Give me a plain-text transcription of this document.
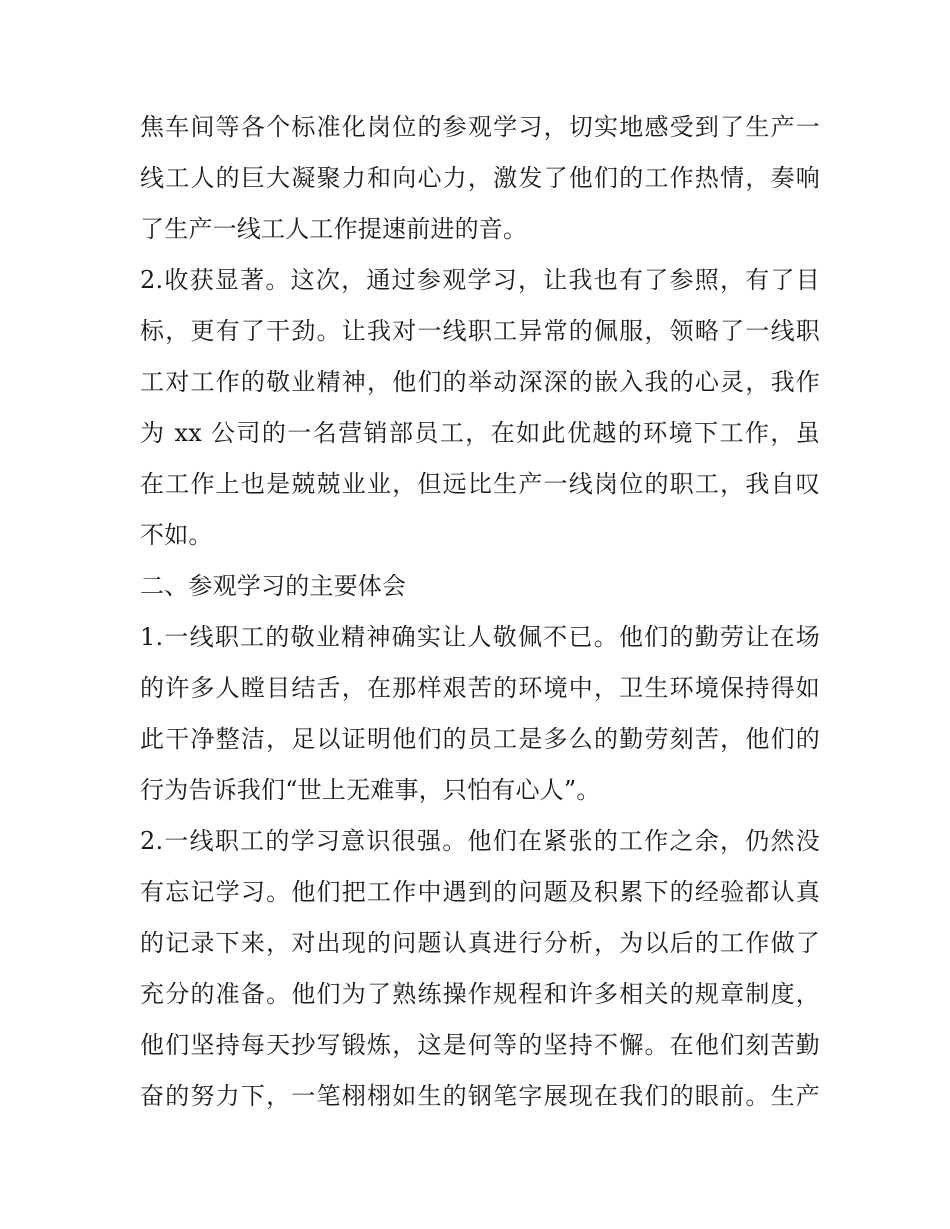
焦车间等各个标准化岗位的参观学习，切实地感受到了生产一
线工人的巨大凝聚力和向心力，激发了他们的工作热情，奏响
了生产一线工人工作提速前进的音。
2.收获显著。这次，通过参观学习，让我也有了参照，有了目
标，更有了干劲。让我对一线职工异常的佩服，领略了一线职
工对工作的敬业精神，他们的举动深深的嵌入我的心灵，我作
为 xx 公司的一名营销部员工，在如此优越的环境下工作，虽
在工作上也是兢兢业业，但远比生产一线岗位的职工，我自叹
不如。
二、参观学习的主要体会
1.一线职工的敬业精神确实让人敬佩不已。他们的勤劳让在场
的许多人瞠目结舌，在那样艰苦的环境中，卫生环境保持得如
此干净整洁，足以证明他们的员工是多么的勤劳刻苦，他们的
行为告诉我们“世上无难事，只怕有心人”。
2.一线职工的学习意识很强。他们在紧张的工作之余，仍然没
有忘记学习。他们把工作中遇到的问题及积累下的经验都认真
的记录下来，对出现的问题认真进行分析，为以后的工作做了
充分的准备。他们为了熟练操作规程和许多相关的规章制度，
他们坚持每天抄写锻炼，这是何等的坚持不懈。在他们刻苦勤
奋的努力下，一笔栩栩如生的钢笔字展现在我们的眼前。生产
